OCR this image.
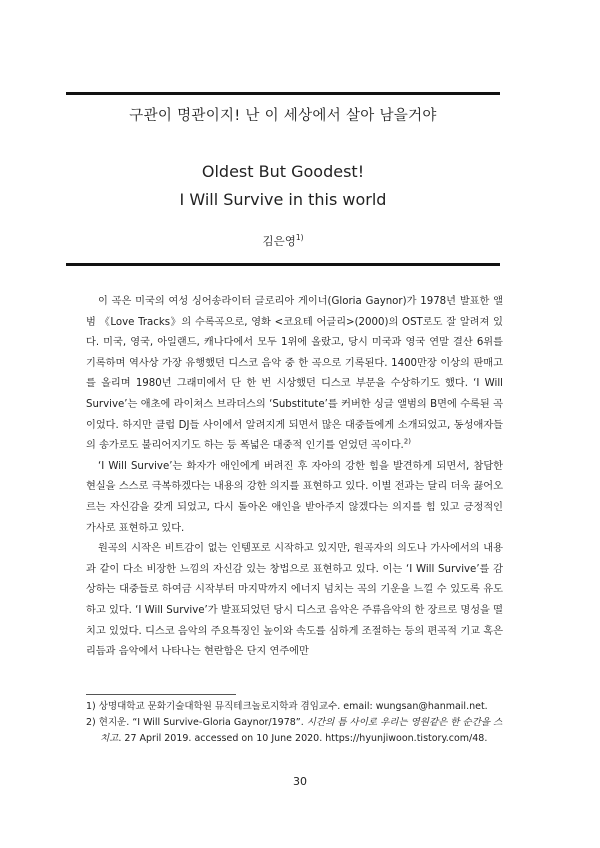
구관이 명관이지! 난 이 세상에서 살아 남을거야
Oldest But Goodest!
I Will Survive in this world
김은영$^{1)}$

이 곡은 미국의 여성 싱어송라이터 글로리아 게이너(Gloria Gaynor)가 1978년 발표한 앨범 《Love Tracks》의 수록곡으로, 영화 <코요테 어글리>(2000)의 OST로도 잘 알려져 있다. 미국, 영국, 아일랜드, 캐나다에서 모두 1위에 올랐고, 당시 미국과 영국 연말 결산 6위를 기록하며 역사상 가장 유행했던 디스코 음악 중 한 곡으로 기록된다. 1400만장 이상의 판매고를 올리며 1980년 그래미에서 단 한 번 시상했던 디스코 부문을 수상하기도 했다. ‘I Will Survive’는 애초에 라이쳐스 브라더스의 ‘Substitute’를 커버한 싱글 앨범의 B면에 수록된 곡이었다. 하지만 클럽 DJ들 사이에서 알려지게 되면서 많은 대중들에게 소개되었고, 동성애자들의 송가로도 불리어지기도 하는 등 폭넓은 대중적 인기를 얻었던 곡이다.$^{2)}$

‘I Will Survive’는 화자가 애인에게 버려진 후 자아의 강한 힘을 발견하게 되면서, 참담한 현실을 스스로 극복하겠다는 내용의 강한 의지를 표현하고 있다. 이별 전과는 달리 더욱 끓어오르는 자신감을 갖게 되었고, 다시 돌아온 애인을 받아주지 않겠다는 의지를 힘 있고 긍정적인 가사로 표현하고 있다.

원곡의 시작은 비트감이 없는 인템포로 시작하고 있지만, 원곡자의 의도나 가사에서의 내용과 같이 다소 비장한 느낌의 자신감 있는 창법으로 표현하고 있다. 이는 ‘I Will Survive’를 감상하는 대중들로 하여금 시작부터 마지막까지 에너지 넘치는 곡의 기운을 느낄 수 있도록 유도하고 있다. ‘I Will Survive’가 발표되었던 당시 디스코 음악은 주류음악의 한 장르로 명성을 떨치고 있었다. 디스코 음악의 주요특징인 높이와 속도를 심하게 조절하는 등의 편곡적 기교 혹은 리듬과 음악에서 나타나는 현란함은 단지 연주에만

1) 상명대학교 문화기술대학원 뮤직테크놀로지학과 겸임교수. email: wungsan@hanmail.net.
2) 현지운. “I Will Survive-Gloria Gaynor/1978”. 시간의 틈 사이로 우리는 영원같은 한 순간을 스치고. 27 April 2019. accessed on 10 June 2020. https://hyunjiwoon.tistory.com/48.
30
